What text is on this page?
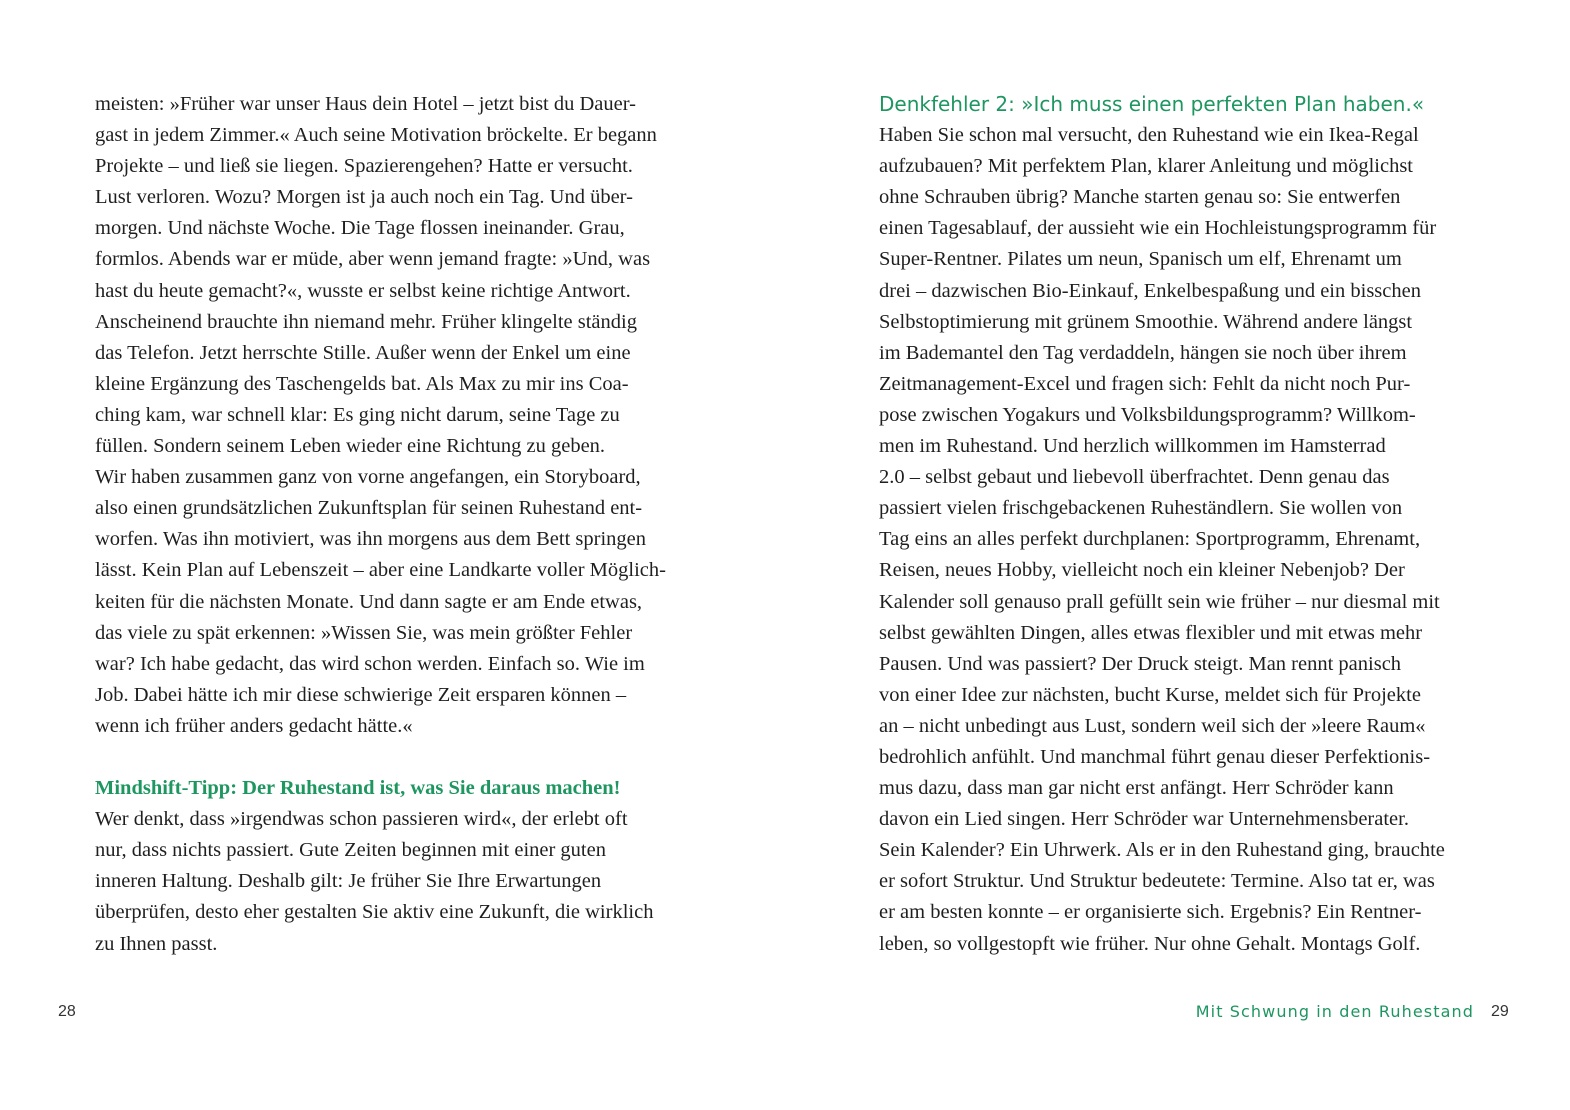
meisten: »Früher war unser Haus dein Hotel – jetzt bist du Dauer-
gast in jedem Zimmer.« Auch seine Motivation bröckelte. Er begann
Projekte – und ließ sie liegen. Spazierengehen? Hatte er versucht.
Lust verloren. Wozu? Morgen ist ja auch noch ein Tag. Und über-
morgen. Und nächste Woche. Die Tage flossen ineinander. Grau,
formlos. Abends war er müde, aber wenn jemand fragte: »Und, was
hast du heute gemacht?«, wusste er selbst keine richtige Antwort.
Anscheinend brauchte ihn niemand mehr. Früher klingelte ständig
das Telefon. Jetzt herrschte Stille. Außer wenn der Enkel um eine
kleine Ergänzung des Taschengelds bat. Als Max zu mir ins Coa-
ching kam, war schnell klar: Es ging nicht darum, seine Tage zu
füllen. Sondern seinem Leben wieder eine Richtung zu geben.
Wir haben zusammen ganz von vorne angefangen, ein Storyboard,
also einen grundsätzlichen Zukunftsplan für seinen Ruhestand ent-
worfen. Was ihn motiviert, was ihn morgens aus dem Bett springen
lässt. Kein Plan auf Lebenszeit – aber eine Landkarte voller Möglich-
keiten für die nächsten Monate. Und dann sagte er am Ende etwas,
das viele zu spät erkennen: »Wissen Sie, was mein größter Fehler
war? Ich habe gedacht, das wird schon werden. Einfach so. Wie im
Job. Dabei hätte ich mir diese schwierige Zeit ersparen können –
wenn ich früher anders gedacht hätte.«
Mindshift-Tipp: Der Ruhestand ist, was Sie daraus machen!
Wer denkt, dass »irgendwas schon passieren wird«, der erlebt oft
nur, dass nichts passiert. Gute Zeiten beginnen mit einer guten
inneren Haltung. Deshalb gilt: Je früher Sie Ihre Erwartungen
überprüfen, desto eher gestalten Sie aktiv eine Zukunft, die wirklich
zu Ihnen passt.
28
Denkfehler 2: »Ich muss einen perfekten Plan haben.«
Haben Sie schon mal versucht, den Ruhestand wie ein Ikea-Regal
aufzubauen? Mit perfektem Plan, klarer Anleitung und möglichst
ohne Schrauben übrig? Manche starten genau so: Sie entwerfen
einen Tagesablauf, der aussieht wie ein Hochleistungsprogramm für
Super-Rentner. Pilates um neun, Spanisch um elf, Ehrenamt um
drei – dazwischen Bio-Einkauf, Enkelbespaßung und ein bisschen
Selbstoptimierung mit grünem Smoothie. Während andere längst
im Bademantel den Tag verdaddeln, hängen sie noch über ihrem
Zeitmanagement-Excel und fragen sich: Fehlt da nicht noch Pur-
pose zwischen Yogakurs und Volksbildungsprogramm? Willkom-
men im Ruhestand. Und herzlich willkommen im Hamsterrad
2.0 – selbst gebaut und liebevoll überfrachtet. Denn genau das
passiert vielen frischgebackenen Ruheständlern. Sie wollen von
Tag eins an alles perfekt durchplanen: Sportprogramm, Ehrenamt,
Reisen, neues Hobby, vielleicht noch ein kleiner Nebenjob? Der
Kalender soll genauso prall gefüllt sein wie früher – nur diesmal mit
selbst gewählten Dingen, alles etwas flexibler und mit etwas mehr
Pausen. Und was passiert? Der Druck steigt. Man rennt panisch
von einer Idee zur nächsten, bucht Kurse, meldet sich für Projekte
an – nicht unbedingt aus Lust, sondern weil sich der »leere Raum«
bedrohlich anfühlt. Und manchmal führt genau dieser Perfektionis-
mus dazu, dass man gar nicht erst anfängt. Herr Schröder kann
davon ein Lied singen. Herr Schröder war Unternehmensberater.
Sein Kalender? Ein Uhrwerk. Als er in den Ruhestand ging, brauchte
er sofort Struktur. Und Struktur bedeutete: Termine. Also tat er, was
er am besten konnte – er organisierte sich. Ergebnis? Ein Rentner-
leben, so vollgestopft wie früher. Nur ohne Gehalt. Montags Golf.
Mit Schwung in den Ruhestand 29
